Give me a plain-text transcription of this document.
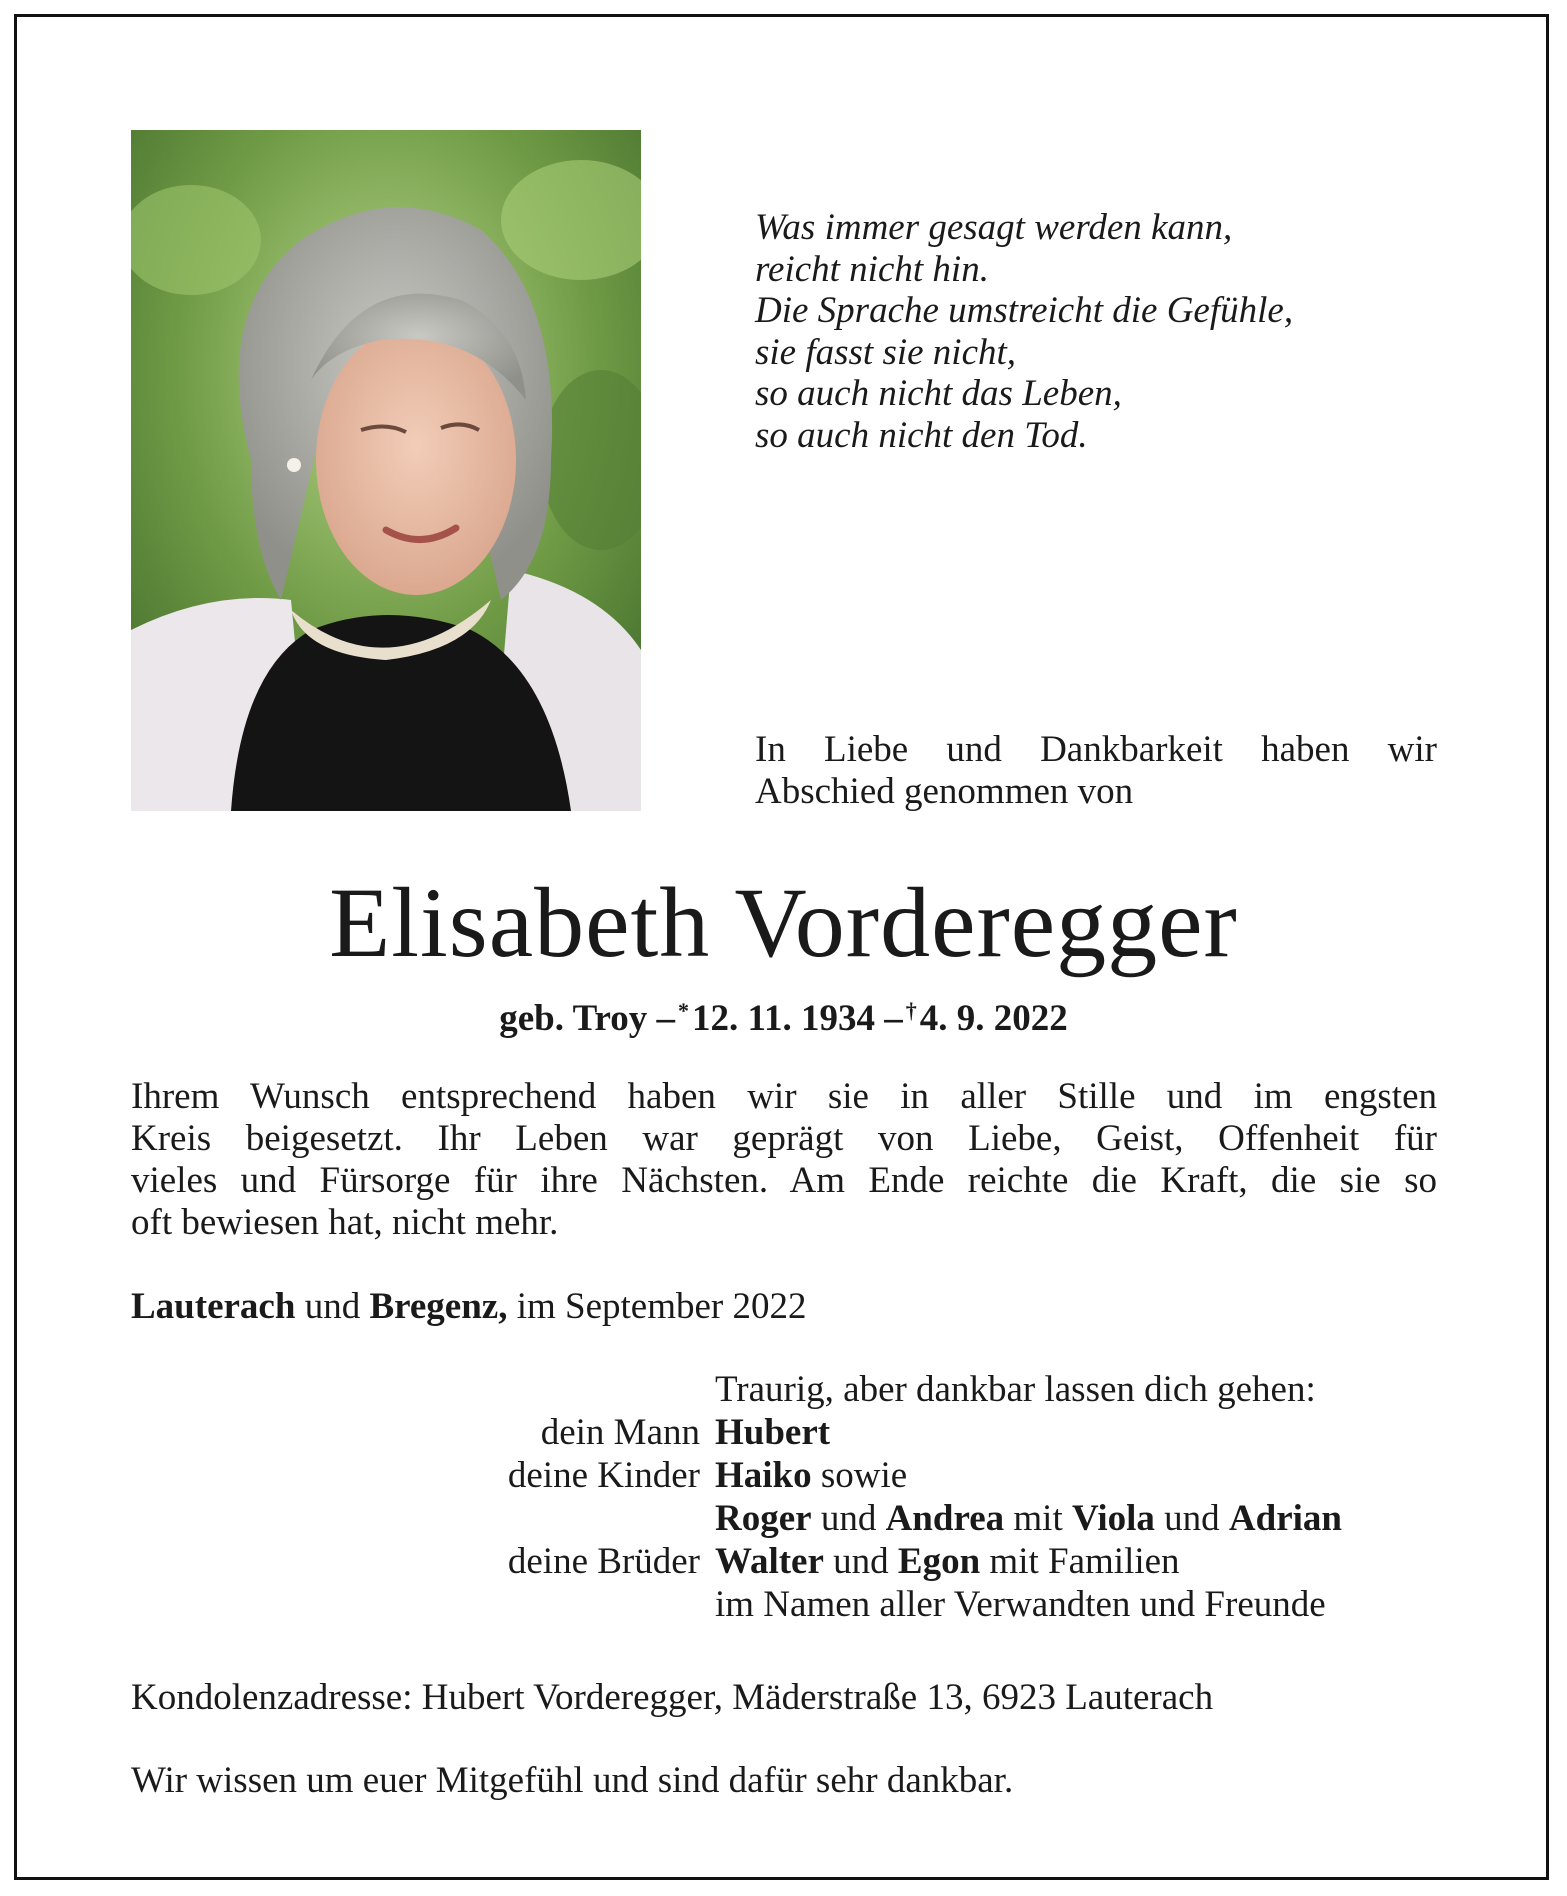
Was immer gesagt werden kann,
reicht nicht hin.
Die Sprache umstreicht die Gefühle,
sie fasst sie nicht,
so auch nicht das Leben,
so auch nicht den Tod.
In Liebe und Dankbarkeit haben wir
Abschied genommen von
Elisabeth Vorderegger
geb. Troy – *12. 11. 1934 – †4. 9. 2022
Ihrem Wunsch entsprechend haben wir sie in aller Stille und im engsten
Kreis beigesetzt. Ihr Leben war geprägt von Liebe, Geist, Offenheit für
vieles und Fürsorge für ihre Nächsten. Am Ende reichte die Kraft, die sie so
oft bewiesen hat, nicht mehr.
Lauterach und Bregenz, im September 2022
Traurig, aber dankbar lassen dich gehen:
dein Mann Hubert
deine Kinder Haiko sowie
Roger und Andrea mit Viola und Adrian
deine Brüder Walter und Egon mit Familien
im Namen aller Verwandten und Freunde
Kondolenzadresse: Hubert Vorderegger, Mäderstraße 13, 6923 Lauterach
Wir wissen um euer Mitgefühl und sind dafür sehr dankbar.
